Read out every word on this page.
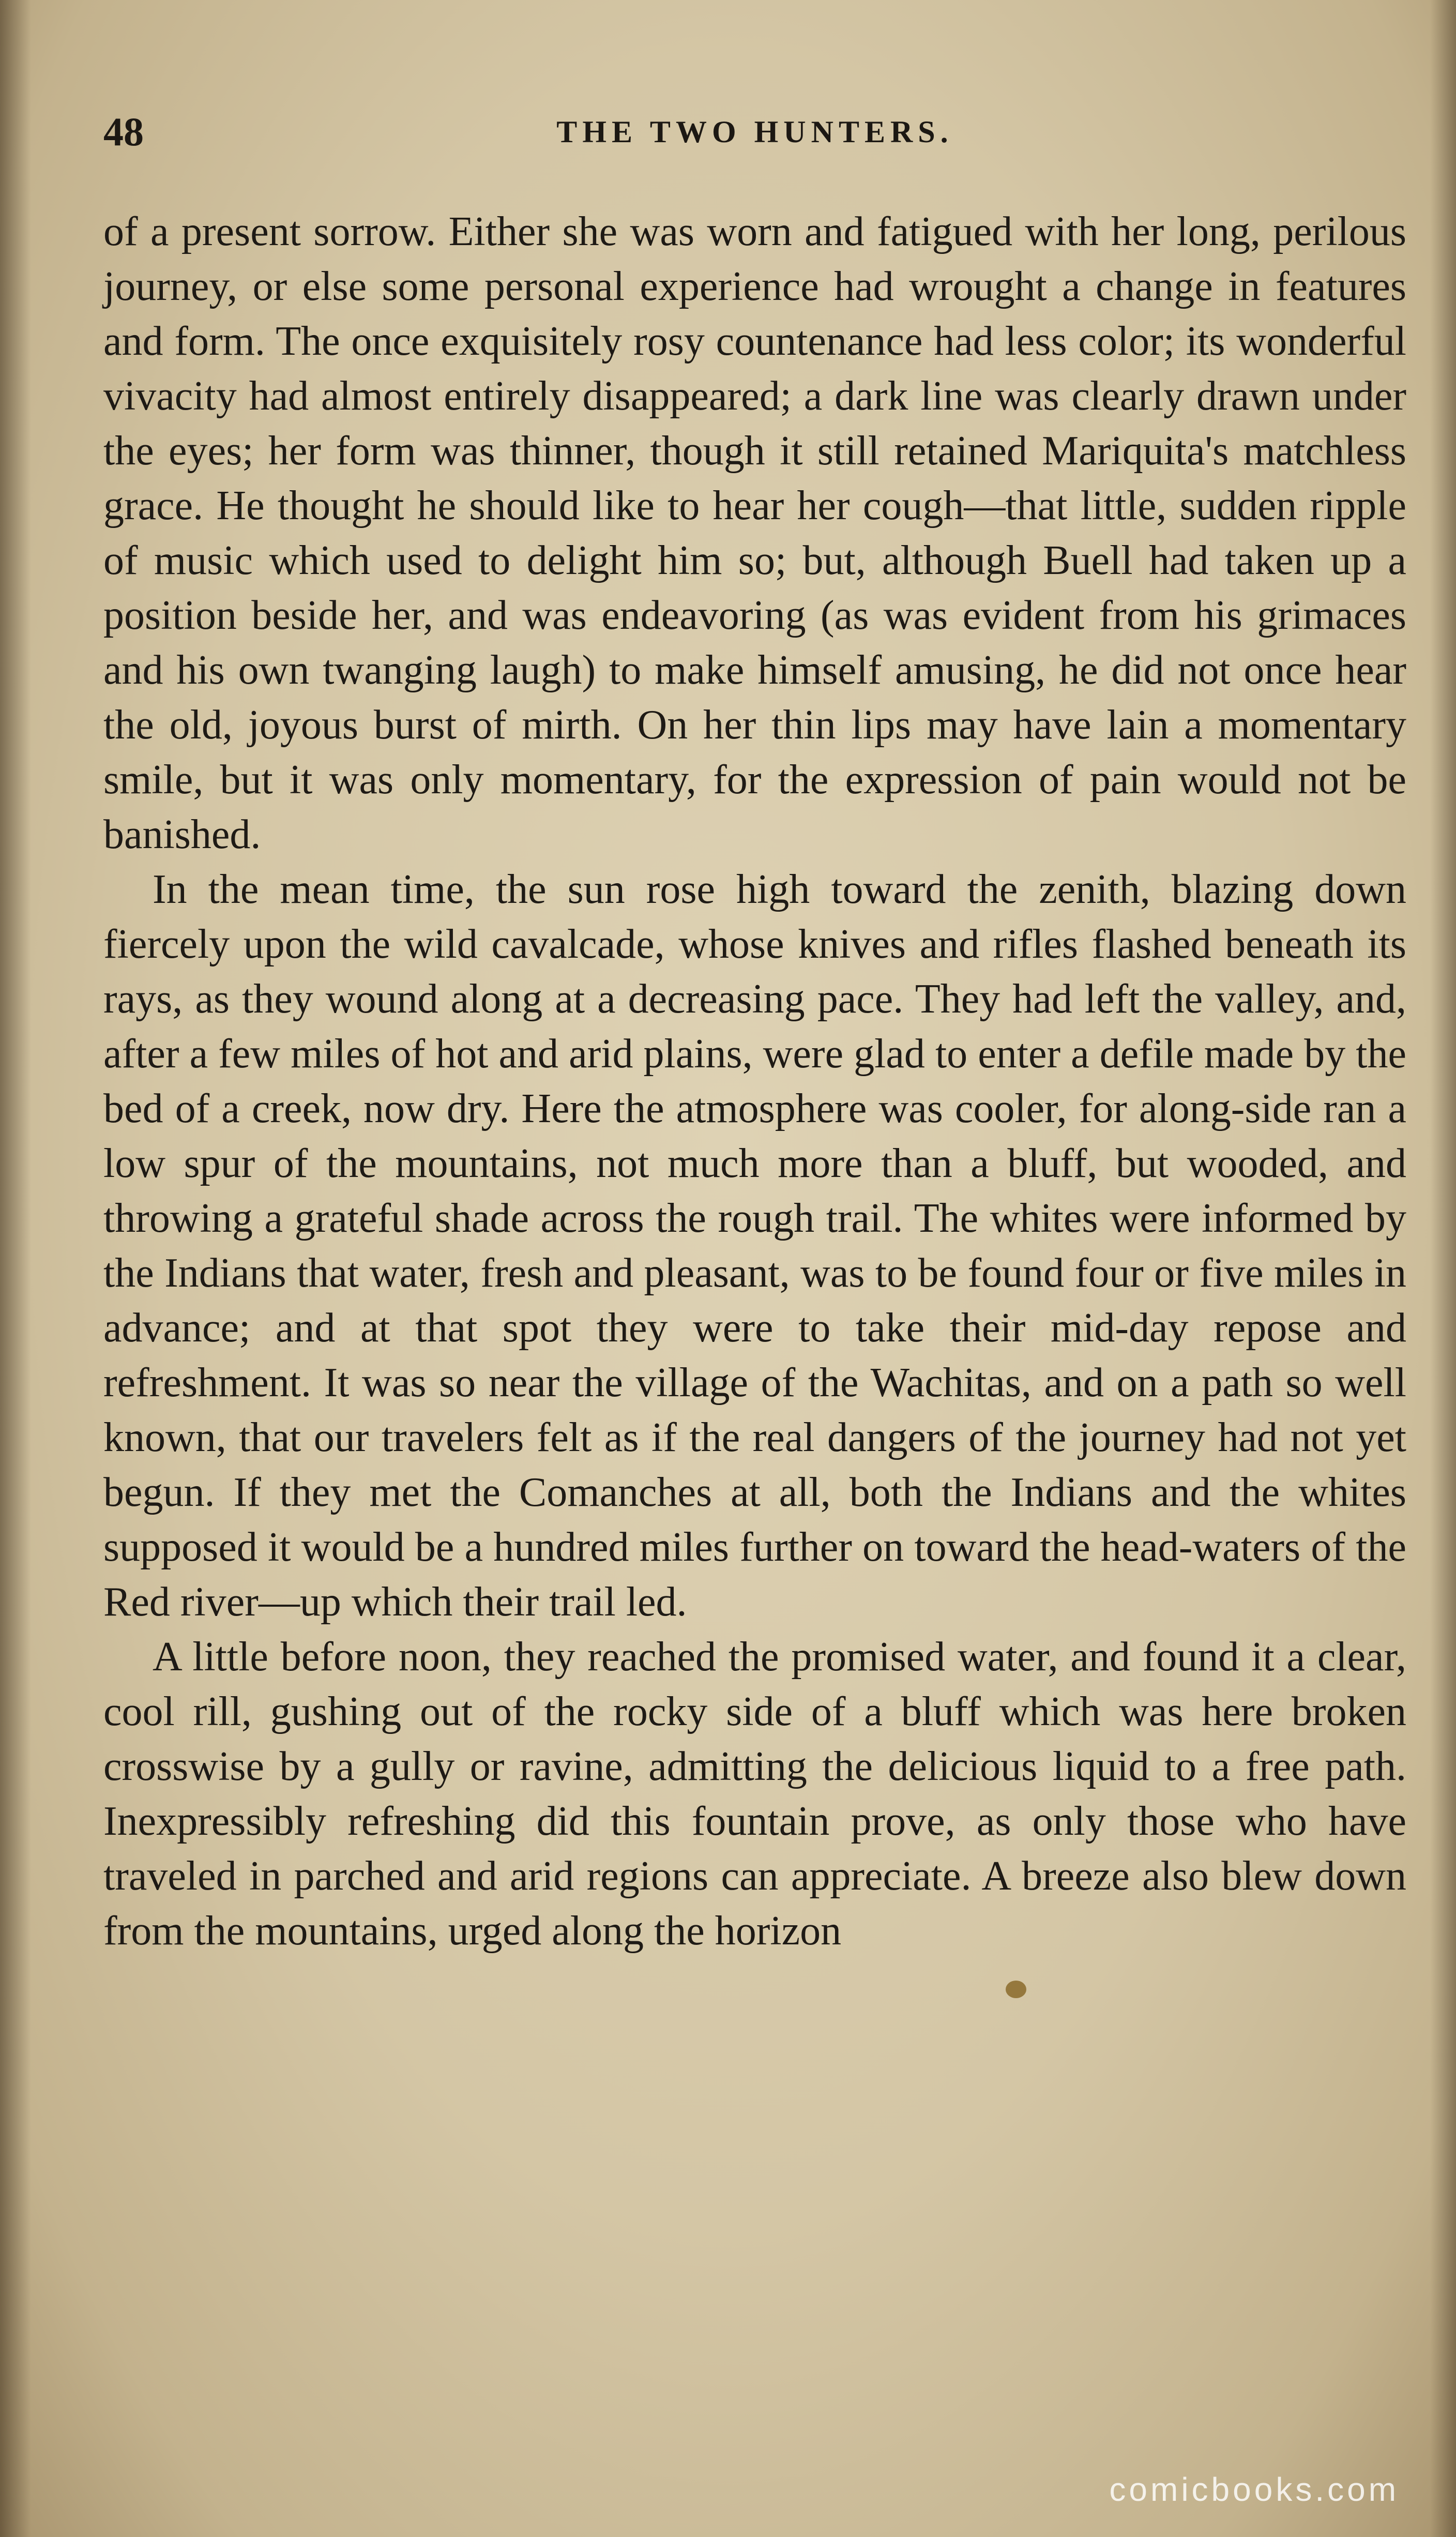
48	THE TWO HUNTERS.

of a present sorrow. Either she was worn and fatigued with her long, perilous journey, or else some personal experience had wrought a change in features and form. The once exquisitely rosy countenance had less color; its wonderful vivacity had almost entirely disappeared; a dark line was clearly drawn under the eyes; her form was thinner, though it still retained Mariquita's matchless grace. He thought he should like to hear her cough—that little, sudden ripple of music which used to delight him so; but, although Buell had taken up a position beside her, and was endeavoring (as was evident from his grimaces and his own twanging laugh) to make himself amusing, he did not once hear the old, joyous burst of mirth. On her thin lips may have lain a momentary smile, but it was only momentary, for the expression of pain would not be banished.

In the mean time, the sun rose high toward the zenith, blazing down fiercely upon the wild cavalcade, whose knives and rifles flashed beneath its rays, as they wound along at a decreasing pace. They had left the valley, and, after a few miles of hot and arid plains, were glad to enter a defile made by the bed of a creek, now dry. Here the atmosphere was cooler, for along-side ran a low spur of the mountains, not much more than a bluff, but wooded, and throwing a grateful shade across the rough trail. The whites were informed by the Indians that water, fresh and pleasant, was to be found four or five miles in advance; and at that spot they were to take their mid-day repose and refreshment. It was so near the village of the Wachitas, and on a path so well known, that our travelers felt as if the real dangers of the journey had not yet begun. If they met the Comanches at all, both the Indians and the whites supposed it would be a hundred miles further on toward the head-waters of the Red river—up which their trail led.

A little before noon, they reached the promised water, and found it a clear, cool rill, gushing out of the rocky side of a bluff which was here broken crosswise by a gully or ravine, admitting the delicious liquid to a free path. Inexpressibly refreshing did this fountain prove, as only those who have traveled in parched and arid regions can appreciate. A breeze also blew down from the mountains, urged along the horizon

comicbooks.com
